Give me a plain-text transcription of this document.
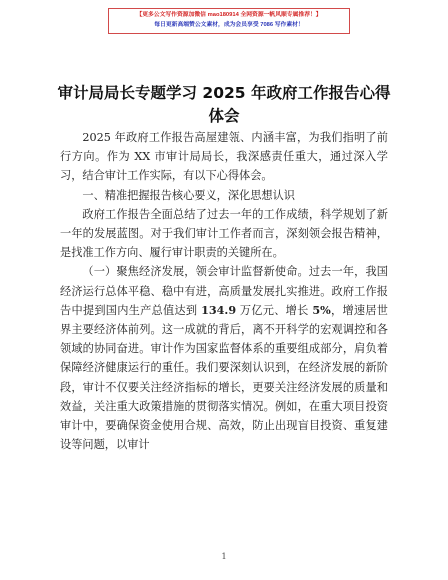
【更多公文写作资源加微信 mao180914 全网资源一帆风顺专属推荐！】
每日更新高端赞公文素材，成为会员享受 7086 写作素材！
审计局局长专题学习 2025 年政府工作报告心得
体会

2025 年政府工作报告高屋建瓴、内涵丰富，为我们指明了前行方向。作为 XX 市审计局局长，我深感责任重大，通过深入学习，结合审计工作实际，有以下心得体会。

一、精准把握报告核心要义，深化思想认识

政府工作报告全面总结了过去一年的工作成绩，科学规划了新一年的发展蓝图。对于我们审计工作者而言，深刻领会报告精神，是找准工作方向、履行审计职责的关键所在。

（一）聚焦经济发展，领会审计监督新使命。过去一年，我国经济运行总体平稳、稳中有进，高质量发展扎实推进。政府工作报告中提到国内生产总值达到 134.9 万亿元、增长 5%，增速居世界主要经济体前列。这一成就的背后，离不开科学的宏观调控和各领域的协同奋进。审计作为国家监督体系的重要组成部分，肩负着保障经济健康运行的重任。我们要深刻认识到，在经济发展的新阶段，审计不仅要关注经济指标的增长，更要关注经济发展的质量和效益，关注重大政策措施的贯彻落实情况。例如，在重大项目投资审计中，要确保资金使用合规、高效，防止出现盲目投资、重复建设等问题，以审计

1
